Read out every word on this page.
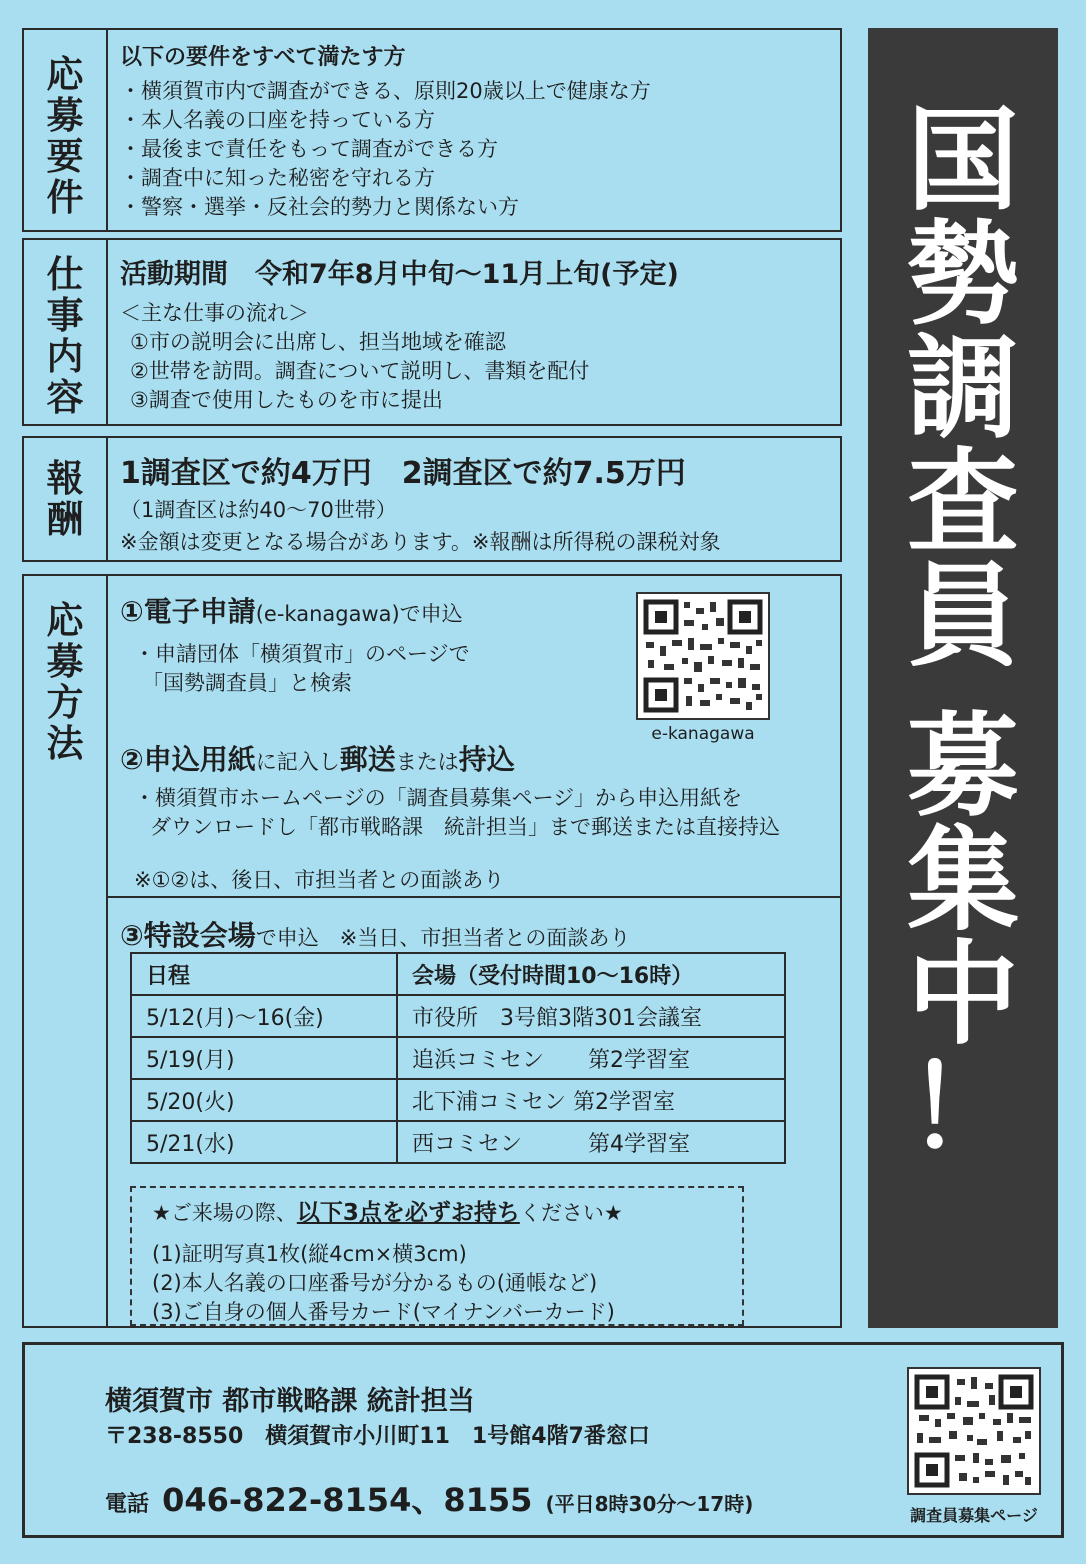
応
募
要
件
以下の要件をすべて満たす方
・横須賀市内で調査ができる、原則20歳以上で健康な方
・本人名義の口座を持っている方
・最後まで責任をもって調査ができる方
・調査中に知った秘密を守れる方
・警察・選挙・反社会的勢力と関係ない方
仕
事
内
容
活動期間　令和7年8月中旬～11月上旬(予定)
＜主な仕事の流れ＞
①市の説明会に出席し、担当地域を確認
②世帯を訪問。調査について説明し、書類を配付
③調査で使用したものを市に提出
報
酬
1調査区で約4万円　2調査区で約7.5万円
（1調査区は約40～70世帯）
※金額は変更となる場合があります。※報酬は所得税の課税対象
応
募
方
法
①電子申請(e-kanagawa)で申込
・申請団体「横須賀市」のページで
「国勢調査員」と検索
②申込用紙に記入し郵送または持込
・横須賀市ホームページの「調査員募集ページ」から申込用紙を
ダウンロードし「都市戦略課　統計担当」まで郵送または直接持込
※①②は、後日、市担当者との面談あり
e-kanagawa
③特設会場で申込　※当日、市担当者との面談あり
日程	会場（受付時間10～16時）
5/12(月)～16(金)	市役所　3号館3階301会議室
5/19(月)	追浜コミセン　　第2学習室
5/20(火)	北下浦コミセン 第2学習室
5/21(水)	西コミセン　　　第4学習室
★ご来場の際、以下3点を必ずお持ちください★
(1)証明写真1枚(縦4cm×横3cm)
(2)本人名義の口座番号が分かるもの(通帳など)
(3)ご自身の個人番号カード(マイナンバーカード)
国
勢
調
査
員
募
集
中
！
横須賀市 都市戦略課 統計担当
〒238-8550　横須賀市小川町11　1号館4階7番窓口
電話 046-822-8154、8155 (平日8時30分～17時)	調査員募集ページ
